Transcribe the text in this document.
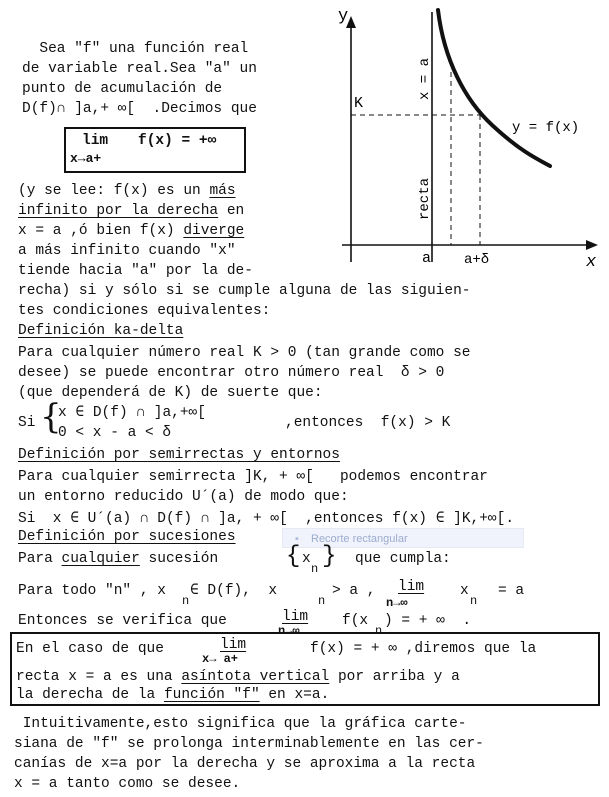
Sea "f" una función real
de variable real.Sea "a" un
punto de acumulación de
D(f)∩ ]a,+ ∞[  .Decimos que
lim f(x) = +∞
x→a+
(y se lee: f(x) es un más
infinito por la derecha en
x = a ,ó bien f(x) diverge
a más infinito cuando "x"
tiende hacia "a" por la de-
recha) si y sólo si se cumple alguna de las siguien-
tes condiciones equivalentes:
y
x
K
a a+δ
y = f(x)
x = a
recta
Definición ka-delta
Para cualquier número real K > 0 (tan grande como se
desee) se puede encontrar otro número real  δ > 0
(que dependerá de K) de suerte que:
Si {
x ∈ D(f) ∩ ]a,+∞[
0 < x - a < δ
,entonces  f(x) > K
Definición por semirrectas y entornos
Para cualquier semirrecta ]K, + ∞[   podemos encontrar
un entorno reducido U´(a) de modo que:
Si  x ∈ U´(a) ∩ D(f) ∩ ]a, + ∞[  ,entonces f(x) ∈ ]K,+∞[.
Definición por sucesiones
▪	Recorte rectangular
Para cualquier sucesión	{ x
n } que cumpla:
Para todo "n" , x
n
∈ D(f),  x
n
> a , lim
n→∞
x
n
= a
Entonces se verifica que	lim
n→∞
f(x
n
) = + ∞  .
En el caso de que	lim
x→ a+
f(x) = + ∞ ,diremos que la
recta x = a es una asíntota vertical por arriba y a
la derecha de la función "f" en x=a.
Intuitivamente,esto significa que la gráfica carte-
siana de "f" se prolonga interminablemente en las cer-
canías de x=a por la derecha y se aproxima a la recta
x = a tanto como se desee.
